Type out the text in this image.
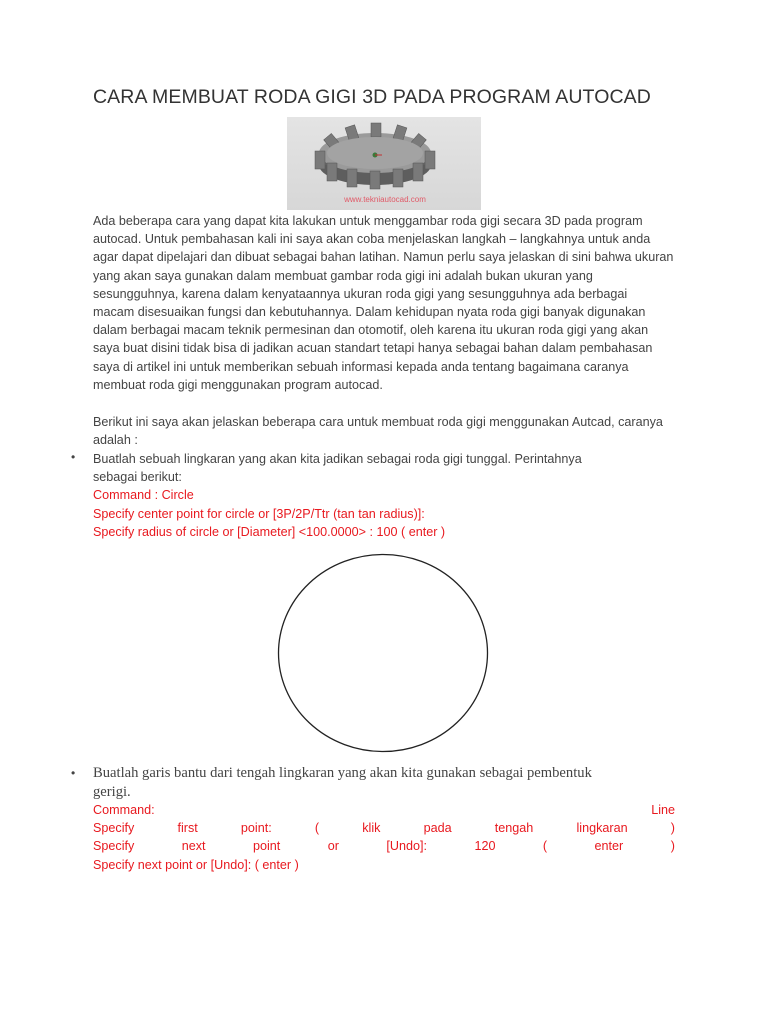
CARA MEMBUAT RODA GIGI 3D PADA PROGRAM AUTOCAD
www.tekniautocad.com

Ada beberapa cara yang dapat kita lakukan untuk menggambar roda gigi secara 3D pada program

autocad. Untuk pembahasan kali ini saya akan coba menjelaskan langkah – langkahnya untuk anda

agar dapat dipelajari dan dibuat sebagai bahan latihan. Namun perlu saya jelaskan di sini bahwa ukuran

yang akan saya gunakan dalam membuat gambar roda gigi ini adalah bukan ukuran yang

sesungguhnya, karena dalam kenyataannya ukuran roda gigi yang sesungguhnya ada berbagai

macam disesuaikan fungsi dan kebutuhannya. Dalam kehidupan nyata roda gigi banyak digunakan

dalam berbagai macam teknik permesinan dan otomotif, oleh karena itu ukuran roda gigi yang akan

saya buat disini tidak bisa di jadikan acuan standart tetapi hanya sebagai bahan dalam pembahasan

saya di artikel ini untuk memberikan sebuah informasi kepada anda tentang bagaimana caranya

membuat roda gigi menggunakan program autocad.

Berikut ini saya akan jelaskan beberapa cara untuk membuat roda gigi menggunakan Autcad, caranya

adalah :

• Buatlah sebuah lingkaran yang akan kita jadikan sebagai roda gigi tunggal. Perintahnya
sebagai berikut:
Command : Circle
Specify center point for circle or [3P/2P/Ttr (tan tan radius)]:
Specify radius of circle or [Diameter] <100.0000> : 100 ( enter )
• Buatlah garis bantu dari tengah lingkaran yang akan kita gunakan sebagai pembentuk
gerigi.
Command:	Line
Specify	first	point:	(	klik	pada	tengah	lingkaran	)
Specify	next	point	or	[Undo]:	120	(	enter	)
Specify next point or [Undo]: ( enter )
